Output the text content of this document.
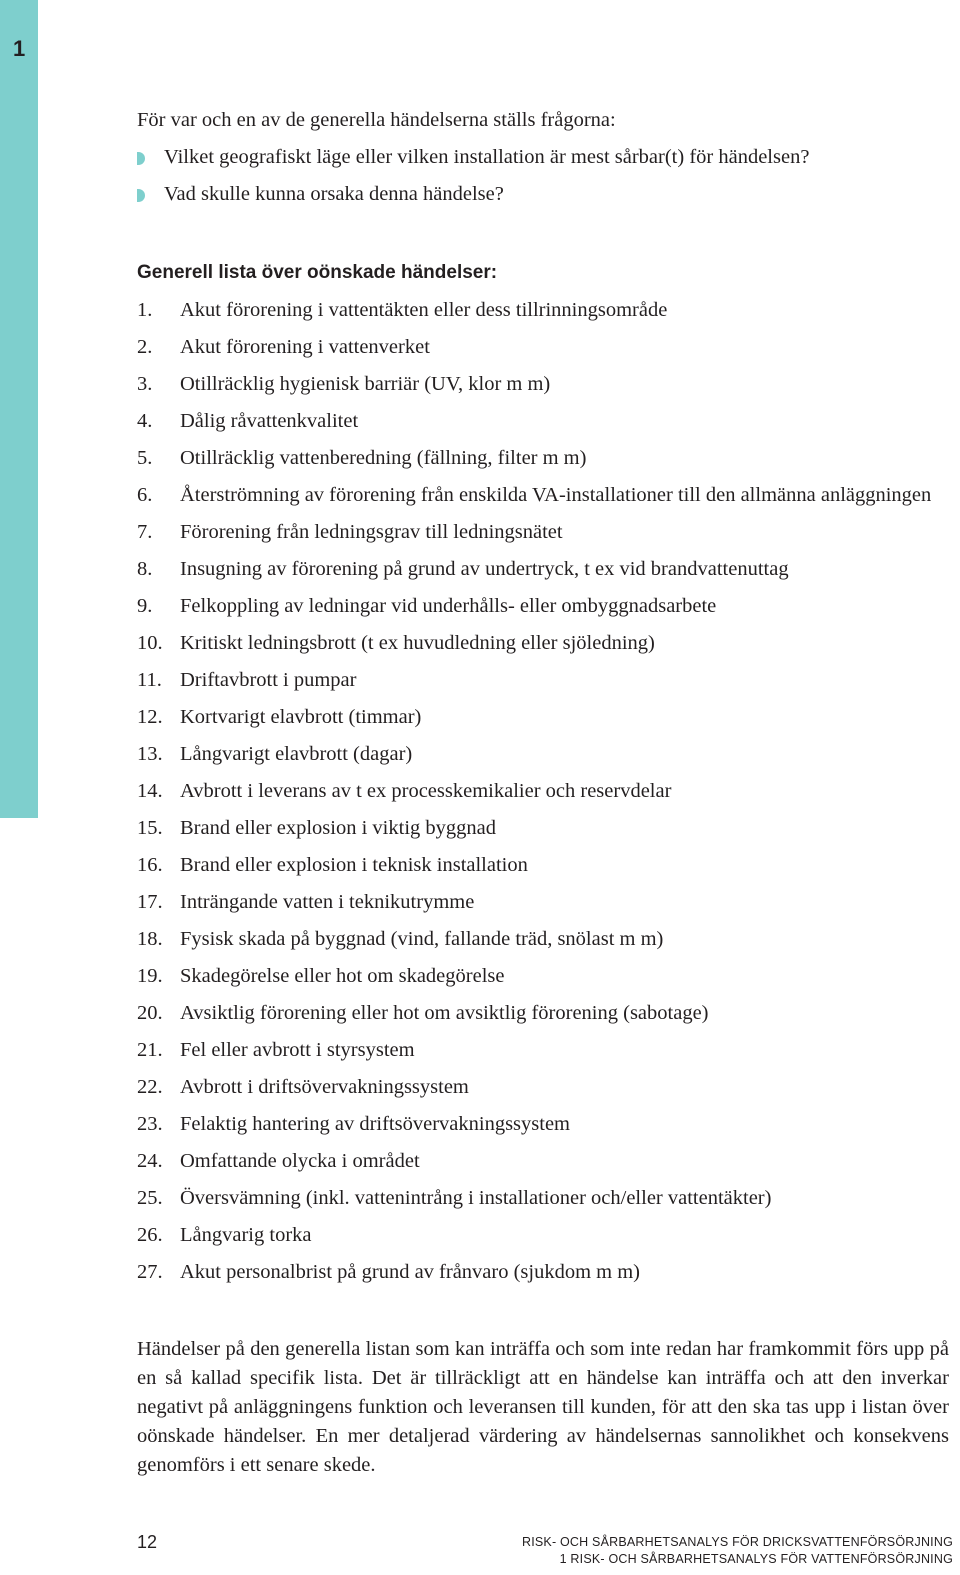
1

För var och en av de generella händelserna ställs frågorna:

Vilket geografiskt läge eller vilken installation är mest sårbar(t) för händelsen?
Vad skulle kunna orsaka denna händelse?
Generell lista över oönskade händelser:
1.	Akut förorening i vattentäkten eller dess tillrinningsområde
2.	Akut förorening i vattenverket
3.	Otillräcklig hygienisk barriär (UV, klor m m)
4.	Dålig råvattenkvalitet
5.	Otillräcklig vattenberedning (fällning, filter m m)
6.	Återströmning av förorening från enskilda VA-installationer till den allmänna anläggningen
7.	Förorening från ledningsgrav till ledningsnätet
8.	Insugning av förorening på grund av undertryck, t ex vid brandvattenuttag
9.	Felkoppling av ledningar vid underhålls- eller ombyggnadsarbete
10. Kritiskt ledningsbrott (t ex huvudledning eller sjöledning)
11. Driftavbrott i pumpar
12. Kortvarigt elavbrott (timmar)
13. Långvarigt elavbrott (dagar)
14. Avbrott i leverans av t ex processkemikalier och reservdelar
15. Brand eller explosion i viktig byggnad
16. Brand eller explosion i teknisk installation
17. Inträngande vatten i teknikutrymme
18. Fysisk skada på byggnad (vind, fallande träd, snölast m m)
19. Skadegörelse eller hot om skadegörelse
20. Avsiktlig förorening eller hot om avsiktlig förorening (sabotage)
21. Fel eller avbrott i styrsystem
22. Avbrott i driftsövervakningssystem
23. Felaktig hantering av driftsövervakningssystem
24. Omfattande olycka i området
25. Översvämning (inkl. vattenintrång i installationer och/eller vattentäkter)
26. Långvarig torka
27. Akut personalbrist på grund av frånvaro (sjukdom m m)

Händelser på den generella listan som kan inträffa och som inte redan har framkommit förs upp på en så kallad specifik lista. Det är tillräckligt att en händelse kan inträffa och att den inverkar negativt på anläggningens funktion och leveransen till kunden, för att den ska tas upp i listan över oönskade händelser. En mer detaljerad värdering av händelsernas sannolikhet och konsekvens genomförs i ett senare skede.

12	RISK- OCH SÅRBARHETSANALYS FÖR DRICKSVATTENFÖRSÖRJNING
1 RISK- OCH SÅRBARHETSANALYS FÖR VATTENFÖRSÖRJNING
